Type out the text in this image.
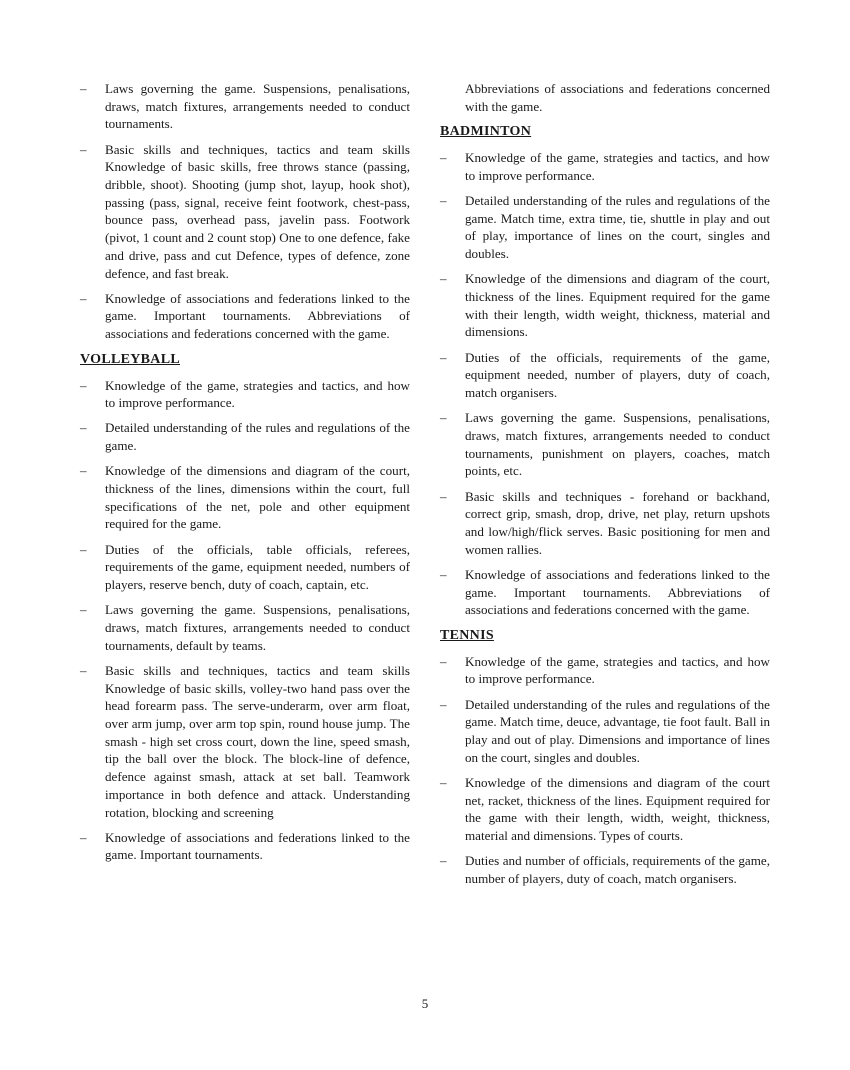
– Laws governing the game. Suspensions, penalisations, draws, match fixtures, arrangements needed to conduct tournaments.
– Basic skills and techniques, tactics and team skills Knowledge of basic skills, free throws stance (passing, dribble, shoot). Shooting (jump shot, layup, hook shot), passing (pass, signal, receive feint footwork, chest-pass, bounce pass, overhead pass, javelin pass. Footwork (pivot, 1 count and 2 count stop) One to one defence, fake and drive, pass and cut Defence, types of defence, zone defence, and fast break.
– Knowledge of associations and federations linked to the game. Important tournaments. Abbreviations of associations and federations concerned with the game.
VOLLEYBALL
– Knowledge of the game, strategies and tactics, and how to improve performance.
– Detailed understanding of the rules and regulations of the game.
– Knowledge of the dimensions and diagram of the court, thickness of the lines, dimensions within the court, full specifications of the net, pole and other equipment required for the game.
– Duties of the officials, table officials, referees, requirements of the game, equipment needed, numbers of players, reserve bench, duty of coach, captain, etc.
– Laws governing the game. Suspensions, penalisations, draws, match fixtures, arrangements needed to conduct tournaments, default by teams.
– Basic skills and techniques, tactics and team skills Knowledge of basic skills, volley-two hand pass over the head forearm pass. The serve-underarm, over arm float, over arm jump, over arm top spin, round house jump. The smash - high set cross court, down the line, speed smash, tip the ball over the block. The block-line of defence, defence against smash, attack at set ball. Teamwork importance in both defence and attack. Understanding rotation, blocking and screening
– Knowledge of associations and federations linked to the game. Important tournaments.
Abbreviations of associations and federations concerned with the game.
BADMINTON
– Knowledge of the game, strategies and tactics, and how to improve performance.
– Detailed understanding of the rules and regulations of the game. Match time, extra time, tie, shuttle in play and out of play, importance of lines on the court, singles and doubles.
– Knowledge of the dimensions and diagram of the court, thickness of the lines. Equipment required for the game with their length, width weight, thickness, material and dimensions.
– Duties of the officials, requirements of the game, equipment needed, number of players, duty of coach, match organisers.
– Laws governing the game. Suspensions, penalisations, draws, match fixtures, arrangements needed to conduct tournaments, punishment on players, coaches, match points, etc.
– Basic skills and techniques - forehand or backhand, correct grip, smash, drop, drive, net play, return upshots and low/high/flick serves. Basic positioning for men and women rallies.
– Knowledge of associations and federations linked to the game. Important tournaments. Abbreviations of associations and federations concerned with the game.
TENNIS
– Knowledge of the game, strategies and tactics, and how to improve performance.
– Detailed understanding of the rules and regulations of the game. Match time, deuce, advantage, tie foot fault. Ball in play and out of play. Dimensions and importance of lines on the court, singles and doubles.
– Knowledge of the dimensions and diagram of the court net, racket, thickness of the lines. Equipment required for the game with their length, width, weight, thickness, material and dimensions. Types of courts.
– Duties and number of officials, requirements of the game, number of players, duty of coach, match organisers.
5
